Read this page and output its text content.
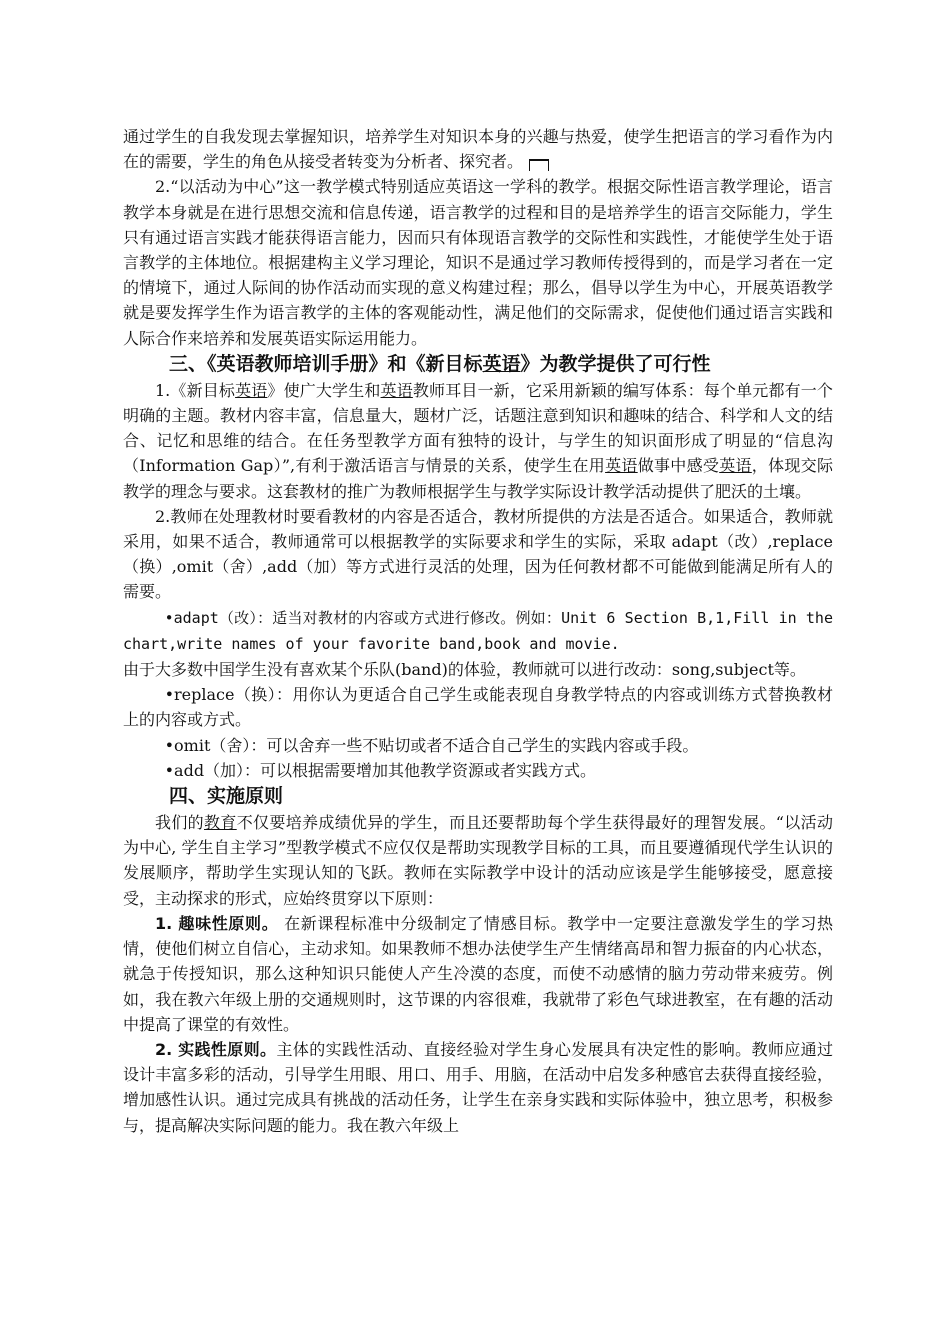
通过学生的自我发现去掌握知识，培养学生对知识本身的兴趣与热爱，使学生把语言的学习看作为内在的需要，学生的角色从接受者转变为分析者、探究者。

2.“以活动为中心”这一教学模式特别适应英语这一学科的教学。根据交际性语言教学理论，语言教学本身就是在进行思想交流和信息传递，语言教学的过程和目的是培养学生的语言交际能力，学生只有通过语言实践才能获得语言能力，因而只有体现语言教学的交际性和实践性，才能使学生处于语言教学的主体地位。根据建构主义学习理论，知识不是通过学习教师传授得到的，而是学习者在一定的情境下，通过人际间的协作活动而实现的意义构建过程；那么，倡导以学生为中心，开展英语教学就是要发挥学生作为语言教学的主体的客观能动性，满足他们的交际需求，促使他们通过语言实践和人际合作来培养和发展英语实际运用能力。

三、《英语教师培训手册》和《新目标英语》为教学提供了可行性

1.《新目标英语》使广大学生和英语教师耳目一新，它采用新颖的编写体系：每个单元都有一个明确的主题。教材内容丰富，信息量大，题材广泛，话题注意到知识和趣味的结合、科学和人文的结合、记忆和思维的结合。在任务型教学方面有独特的设计，与学生的知识面形成了明显的“信息沟（Information Gap）”,有利于激活语言与情景的关系，使学生在用英语做事中感受英语，体现交际教学的理念与要求。这套教材的推广为教师根据学生与教学实际设计教学活动提供了肥沃的土壤。

2.教师在处理教材时要看教材的内容是否适合，教材所提供的方法是否适合。如果适合，教师就采用，如果不适合，教师通常可以根据教学的实际要求和学生的实际，采取 adapt（改）,replace（换）,omit（舍）,add（加）等方式进行灵活的处理，因为任何教材都不可能做到能满足所有人的需要。

•adapt（改）：适当对教材的内容或方式进行修改。例如：Unit 6 Section B,1,Fill in the chart,write names of your favorite band,book and movie.
由于大多数中国学生没有喜欢某个乐队(band)的体验，教师就可以进行改动：song,subject等。

•replace（换）：用你认为更适合自己学生或能表现自身教学特点的内容或训练方式替换教材上的内容或方式。

•omit（舍）：可以舍弃一些不贴切或者不适合自己学生的实践内容或手段。

•add（加）：可以根据需要增加其他教学资源或者实践方式。

四、实施原则

我们的教育不仅要培养成绩优异的学生，而且还要帮助每个学生获得最好的理智发展。“以活动为中心, 学生自主学习”型教学模式不应仅仅是帮助实现教学目标的工具，而且要遵循现代学生认识的发展顺序，帮助学生实现认知的飞跃。教师在实际教学中设计的活动应该是学生能够接受，愿意接受，主动探求的形式，应始终贯穿以下原则：

1. 趣味性原则。 在新课程标准中分级制定了情感目标。教学中一定要注意激发学生的学习热情，使他们树立自信心，主动求知。如果教师不想办法使学生产生情绪高昂和智力振奋的内心状态，就急于传授知识，那么这种知识只能使人产生冷漠的态度，而使不动感情的脑力劳动带来疲劳。例如，我在教六年级上册的交通规则时，这节课的内容很难，我就带了彩色气球进教室，在有趣的活动中提高了课堂的有效性。

2. 实践性原则。主体的实践性活动、直接经验对学生身心发展具有决定性的影响。教师应通过设计丰富多彩的活动，引导学生用眼、用口、用手、用脑，在活动中启发多种感官去获得直接经验，增加感性认识。通过完成具有挑战的活动任务，让学生在亲身实践和实际体验中，独立思考，积极参与，提高解决实际问题的能力。我在教六年级上
